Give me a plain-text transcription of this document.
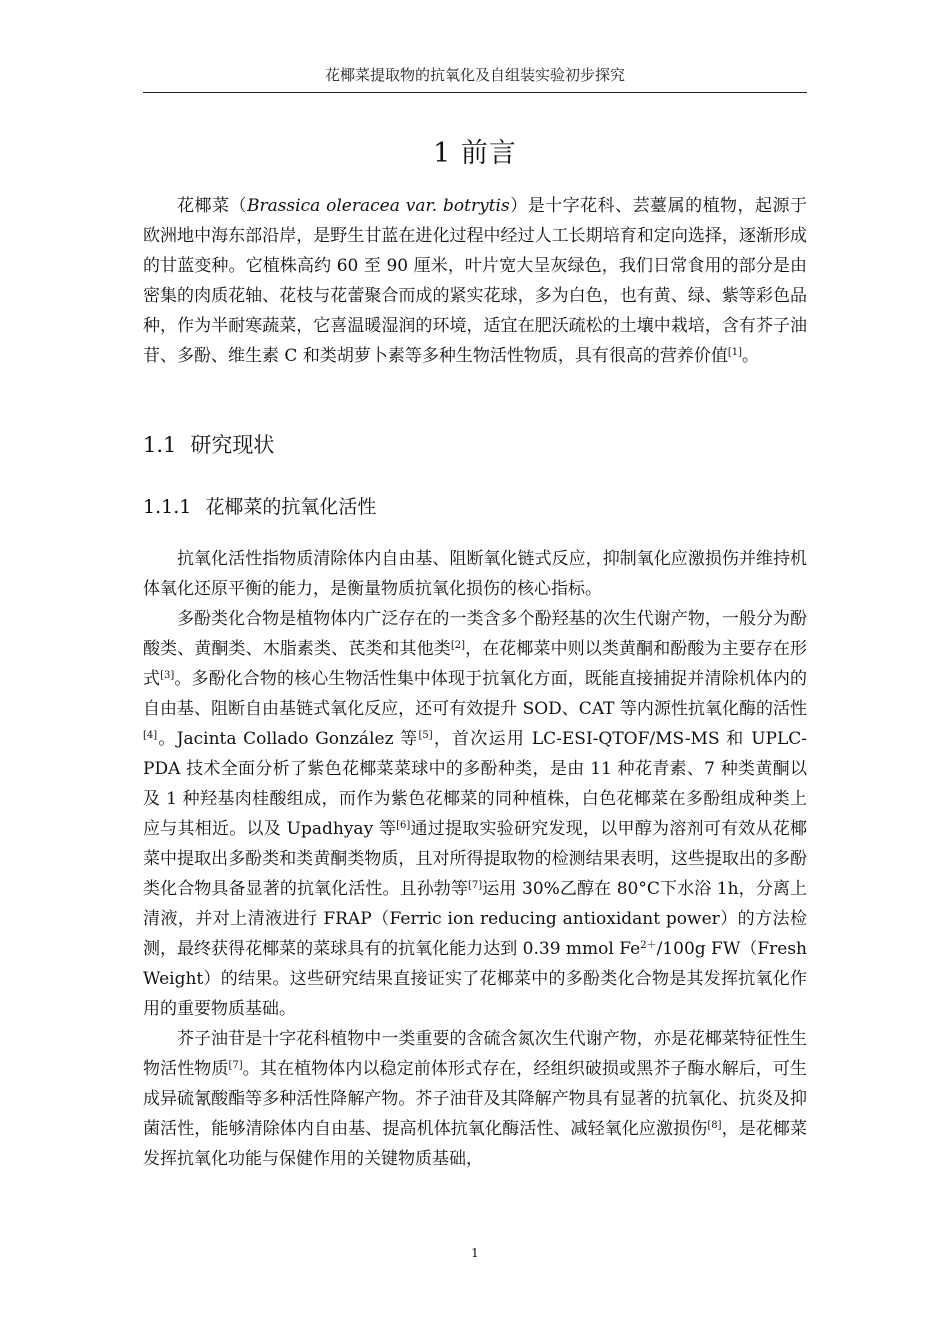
花椰菜提取物的抗氧化及自组装实验初步探究
1 前言

花椰菜（Brassica oleracea var. botrytis）是十字花科、芸薹属的植物，起源于欧洲地中海东部沿岸，是野生甘蓝在进化过程中经过人工长期培育和定向选择，逐渐形成的甘蓝变种。它植株高约 60 至 90 厘米，叶片宽大呈灰绿色，我们日常食用的部分是由密集的肉质花轴、花枝与花蕾聚合而成的紧实花球，多为白色，也有黄、绿、紫等彩色品种，作为半耐寒蔬菜，它喜温暖湿润的环境，适宜在肥沃疏松的土壤中栽培，含有芥子油苷、多酚、维生素 C 和类胡萝卜素等多种生物活性物质，具有很高的营养价值[1]。

1.1 研究现状
1.1.1 花椰菜的抗氧化活性

抗氧化活性指物质清除体内自由基、阻断氧化链式反应，抑制氧化应激损伤并维持机体氧化还原平衡的能力，是衡量物质抗氧化损伤的核心指标。

多酚类化合物是植物体内广泛存在的一类含多个酚羟基的次生代谢产物，一般分为酚酸类、黄酮类、木脂素类、芪类和其他类[2]，在花椰菜中则以类黄酮和酚酸为主要存在形式[3]。多酚化合物的核心生物活性集中体现于抗氧化方面，既能直接捕捉并清除机体内的自由基、阻断自由基链式氧化反应，还可有效提升 SOD、CAT 等内源性抗氧化酶的活性[4]。Jacinta Collado González 等[5]，首次运用 LC-ESI-QTOF/MS-MS 和 UPLC-PDA 技术全面分析了紫色花椰菜菜球中的多酚种类，是由 11 种花青素、7 种类黄酮以及 1 种羟基肉桂酸组成，而作为紫色花椰菜的同种植株，白色花椰菜在多酚组成种类上应与其相近。以及 Upadhyay 等[6]通过提取实验研究发现，以甲醇为溶剂可有效从花椰菜中提取出多酚类和类黄酮类物质，且对所得提取物的检测结果表明，这些提取出的多酚类化合物具备显著的抗氧化活性。且孙勃等[7]运用 30%乙醇在 80°C下水浴 1h，分离上清液，并对上清液进行 FRAP（Ferric ion reducing antioxidant power）的方法检测，最终获得花椰菜的菜球具有的抗氧化能力达到 0.39 mmol $Fe^{2+}/100g$ FW（Fresh Weight）的结果。这些研究结果直接证实了花椰菜中的多酚类化合物是其发挥抗氧化作用的重要物质基础。

芥子油苷是十字花科植物中一类重要的含硫含氮次生代谢产物，亦是花椰菜特征性生物活性物质[7]。其在植物体内以稳定前体形式存在，经组织破损或黑芥子酶水解后，可生成异硫氰酸酯等多种活性降解产物。芥子油苷及其降解产物具有显著的抗氧化、抗炎及抑菌活性，能够清除体内自由基、提高机体抗氧化酶活性、减轻氧化应激损伤[8]，是花椰菜发挥抗氧化功能与保健作用的关键物质基础，

1
